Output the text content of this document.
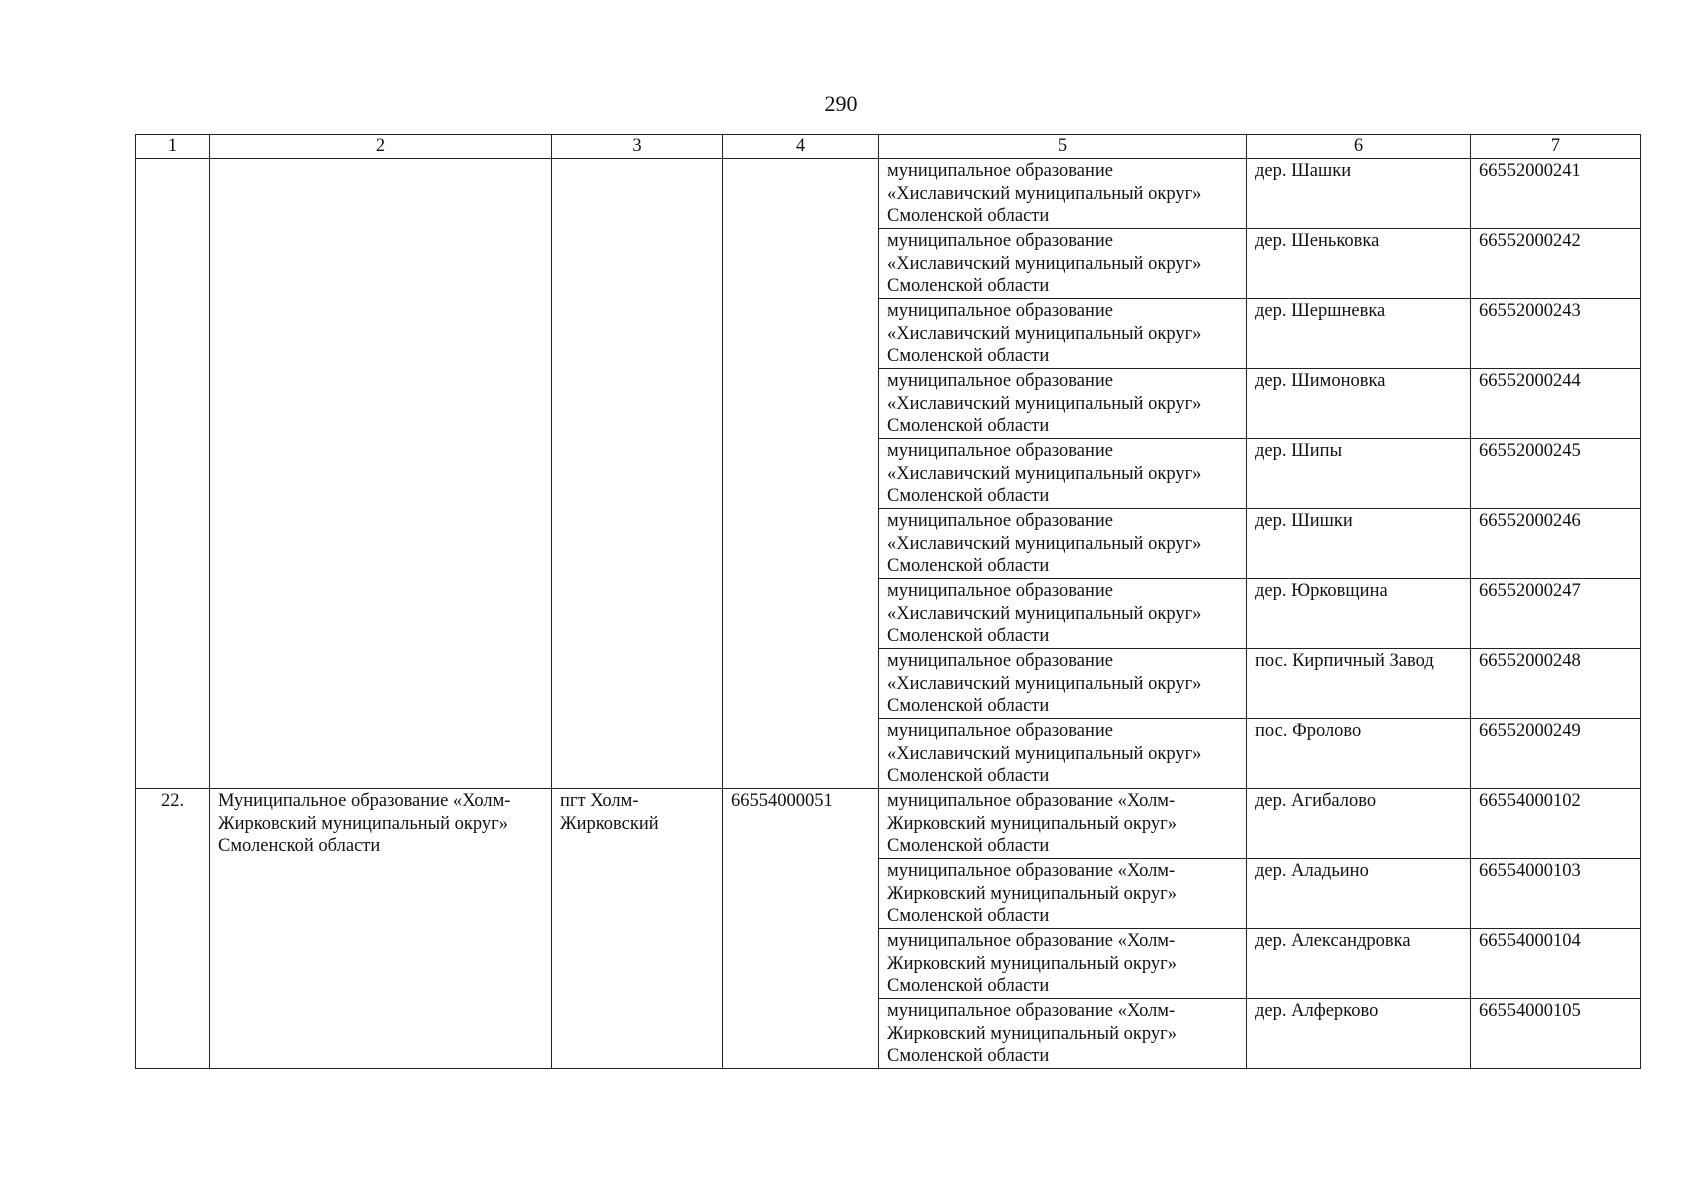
290
1	2	3	4	5	6	7
				муниципальное образование «Хиславичский муниципальный округ» Смоленской области	дер. Шашки	66552000241
				муниципальное образование «Хиславичский муниципальный округ» Смоленской области	дер. Шеньковка	66552000242
				муниципальное образование «Хиславичский муниципальный округ» Смоленской области	дер. Шершневка	66552000243
				муниципальное образование «Хиславичский муниципальный округ» Смоленской области	дер. Шимоновка	66552000244
				муниципальное образование «Хиславичский муниципальный округ» Смоленской области	дер. Шипы	66552000245
				муниципальное образование «Хиславичский муниципальный округ» Смоленской области	дер. Шишки	66552000246
				муниципальное образование «Хиславичский муниципальный округ» Смоленской области	дер. Юрковщина	66552000247
				муниципальное образование «Хиславичский муниципальный округ» Смоленской области	пос. Кирпичный Завод	66552000248
				муниципальное образование «Хиславичский муниципальный округ» Смоленской области	пос. Фролово	66552000249
22.	Муниципальное образование «Холм-Жирковский муниципальный округ» Смоленской области	пгт Холм-Жирковский	66554000051	муниципальное образование «Холм-Жирковский муниципальный округ» Смоленской области	дер. Агибалово	66554000102
				муниципальное образование «Холм-Жирковский муниципальный округ» Смоленской области	дер. Аладьино	66554000103
				муниципальное образование «Холм-Жирковский муниципальный округ» Смоленской области	дер. Александровка	66554000104
				муниципальное образование «Холм-Жирковский муниципальный округ» Смоленской области	дер. Алферково	66554000105
